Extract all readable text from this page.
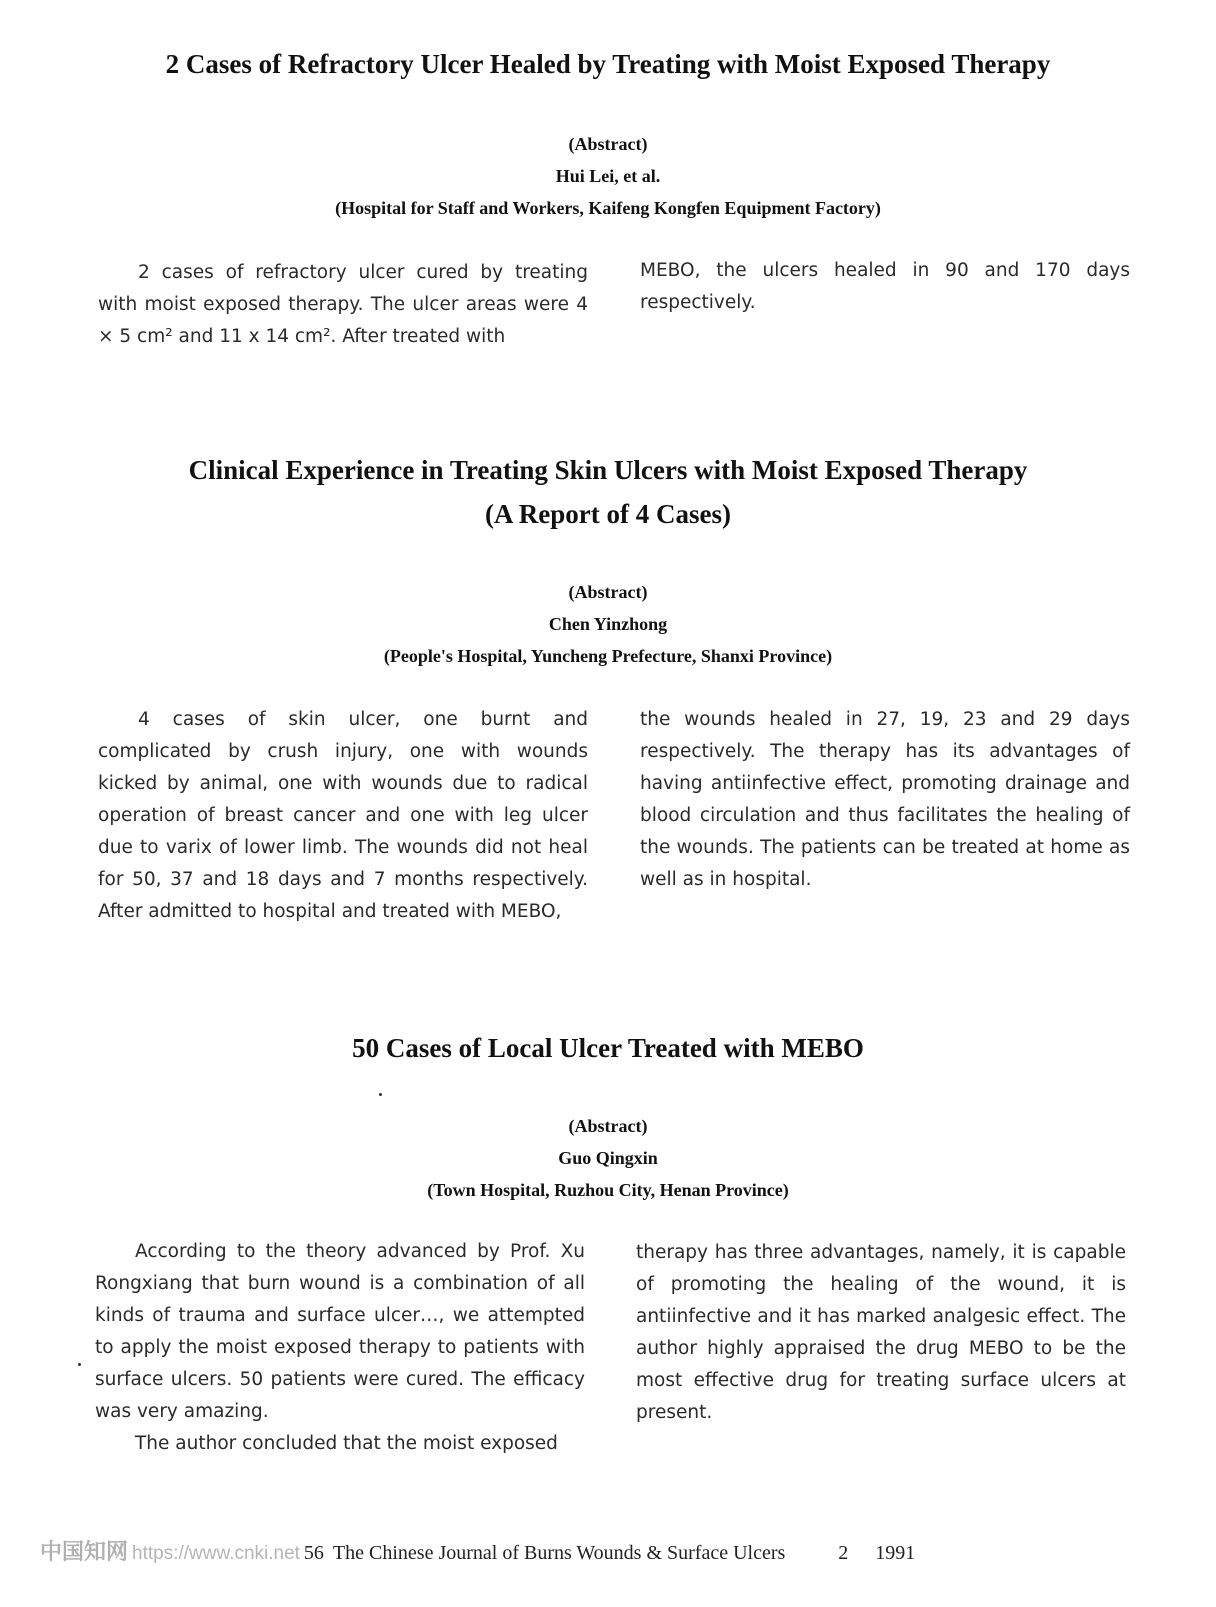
2 Cases of Refractory Ulcer Healed by Treating with Moist Exposed Therapy
(Abstract)
Hui Lei, et al.
(Hospital for Staff and Workers, Kaifeng Kongfen Equipment Factory)

2 cases of refractory ulcer cured by treating with moist exposed therapy. The ulcer areas were 4 × 5 cm² and 11 x 14 cm². After treated with

MEBO, the ulcers healed in 90 and 170 days respectively.

Clinical Experience in Treating Skin Ulcers with Moist Exposed Therapy
(A Report of 4 Cases)
(Abstract)
Chen Yinzhong
(People's Hospital, Yuncheng Prefecture, Shanxi Province)

4 cases of skin ulcer, one burnt and complicated by crush injury, one with wounds kicked by animal, one with wounds due to radical operation of breast cancer and one with leg ulcer due to varix of lower limb. The wounds did not heal for 50, 37 and 18 days and 7 months respectively. After admitted to hospital and treated with MEBO,

the wounds healed in 27, 19, 23 and 29 days respectively. The therapy has its advantages of having antiinfective effect, promoting drainage and blood circulation and thus facilitates the healing of the wounds. The patients can be treated at home as well as in hospital.

50 Cases of Local Ulcer Treated with MEBO
(Abstract)
Guo Qingxin
(Town Hospital, Ruzhou City, Henan Province)

According to the theory advanced by Prof. Xu Rongxiang that burn wound is a combination of all kinds of trauma and surface ulcer…, we attempted to apply the moist exposed therapy to patients with surface ulcers. 50 patients were cured. The efficacy was very amazing.

The author concluded that the moist exposed

therapy has three advantages, namely, it is capable of promoting the healing of the wound, it is antiinfective and it has marked analgesic effect. The author highly appraised the drug MEBO to be the most effective drug for treating surface ulcers at present.

中国知网 https://www.cnki.net 56 The Chinese Journal of Burns Wounds & Surface Ulcers	2 1991
